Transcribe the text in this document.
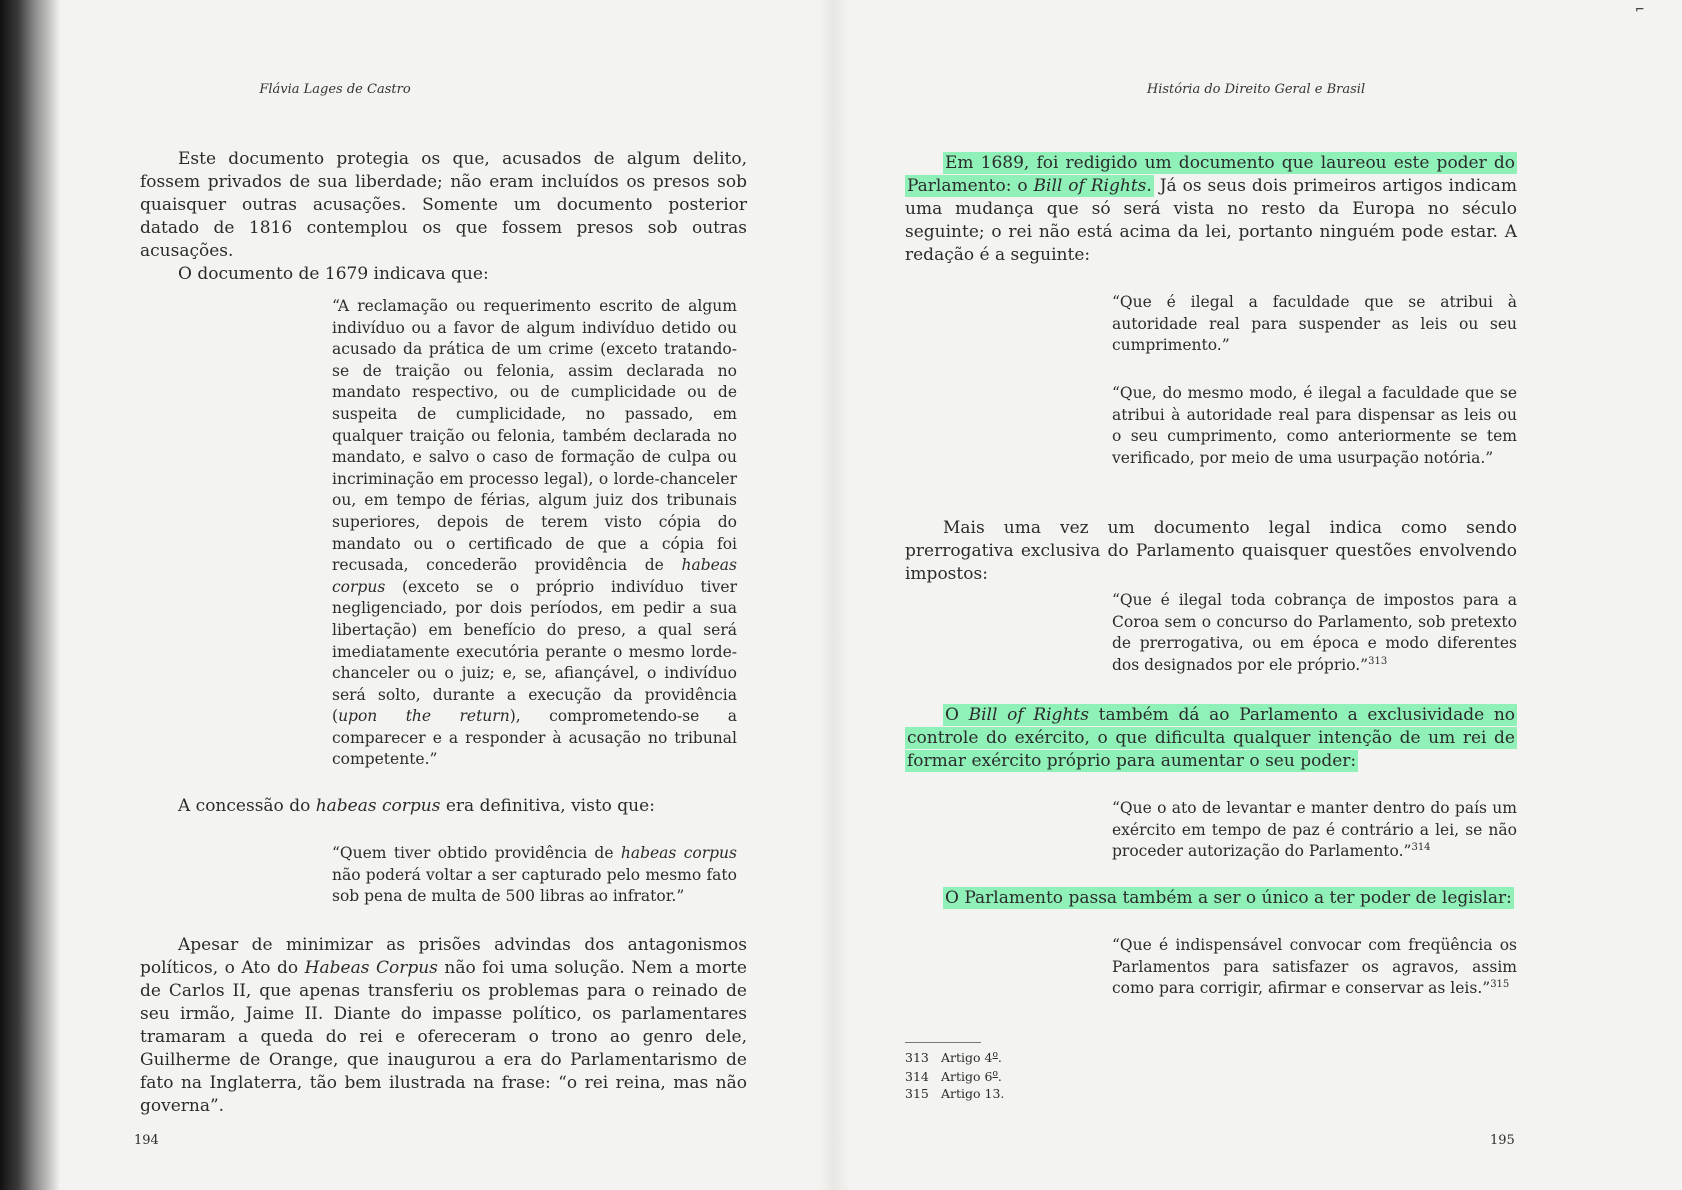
⌐
Flávia Lages de Castro

Este documento protegia os que, acusados de algum delito, fossem privados de sua liberdade; não eram incluídos os presos sob quaisquer outras acusações. Somente um documento posterior datado de 1816 contemplou os que fossem presos sob outras acusações.

O documento de 1679 indicava que:

“A reclamação ou requerimento escrito de algum indivíduo ou a favor de algum indivíduo detido ou acusado da prática de um crime (exceto tratando-se de traição ou felonia, assim declarada no mandato respectivo, ou de cumplicidade ou de suspeita de cumplicidade, no passado, em qualquer traição ou felonia, também declarada no mandato, e salvo o caso de formação de culpa ou incriminação em processo legal), o lorde-chanceler ou, em tempo de férias, algum juiz dos tribunais superiores, depois de terem visto cópia do mandato ou o certificado de que a cópia foi recusada, concederão providência de habeas corpus (exceto se o próprio indivíduo tiver negligenciado, por dois períodos, em pedir a sua libertação) em benefício do preso, a qual será imediatamente executória perante o mesmo lorde-chanceler ou o juiz; e, se, afiançável, o indivíduo será solto, durante a execução da providência (upon the return), comprometendo-se a comparecer e a responder à acusação no tribunal competente.”

A concessão do habeas corpus era definitiva, visto que:

“Quem tiver obtido providência de habeas corpus não poderá voltar a ser capturado pelo mesmo fato sob pena de multa de 500 libras ao infrator.”

Apesar de minimizar as prisões advindas dos antagonismos políticos, o Ato do Habeas Corpus não foi uma solução. Nem a morte de Carlos II, que apenas transferiu os problemas para o reinado de seu irmão, Jaime II. Diante do impasse político, os parlamentares tramaram a queda do rei e ofereceram o trono ao genro dele, Guilherme de Orange, que inaugurou a era do Parlamentarismo de fato na Inglaterra, tão bem ilustrada na frase: “o rei reina, mas não governa”.

194
História do Direito Geral e Brasil

Em 1689, foi redigido um documento que laureou este poder do Parlamento: o Bill of Rights. Já os seus dois primeiros artigos indicam uma mudança que só será vista no resto da Europa no século seguinte; o rei não está acima da lei, portanto ninguém pode estar. A redação é a seguinte:

“Que é ilegal a faculdade que se atribui à autoridade real para suspender as leis ou seu cumprimento.”

“Que, do mesmo modo, é ilegal a faculdade que se atribui à autoridade real para dispensar as leis ou o seu cumprimento, como anteriormente se tem verificado, por meio de uma usurpação notória.”

Mais uma vez um documento legal indica como sendo prerrogativa exclusiva do Parlamento quaisquer questões envolvendo impostos:

“Que é ilegal toda cobrança de impostos para a Coroa sem o concurso do Parlamento, sob pretexto de prerrogativa, ou em época e modo diferentes dos designados por ele próprio.”$^{313}$

O Bill of Rights também dá ao Parlamento a exclusividade no controle do exército, o que dificulta qualquer intenção de um rei de formar exército próprio para aumentar o seu poder:

“Que o ato de levantar e manter dentro do país um exército em tempo de paz é contrário a lei, se não proceder autorização do Parlamento.”$^{314}$

O Parlamento passa também a ser o único a ter poder de legislar:

“Que é indispensável convocar com freqüência os Parlamentos para satisfazer os agravos, assim como para corrigir, afirmar e conservar as leis.”$^{315}$

313 Artigo 4$^o$.
314 Artigo 6$^o$.
315 Artigo 13.
195
